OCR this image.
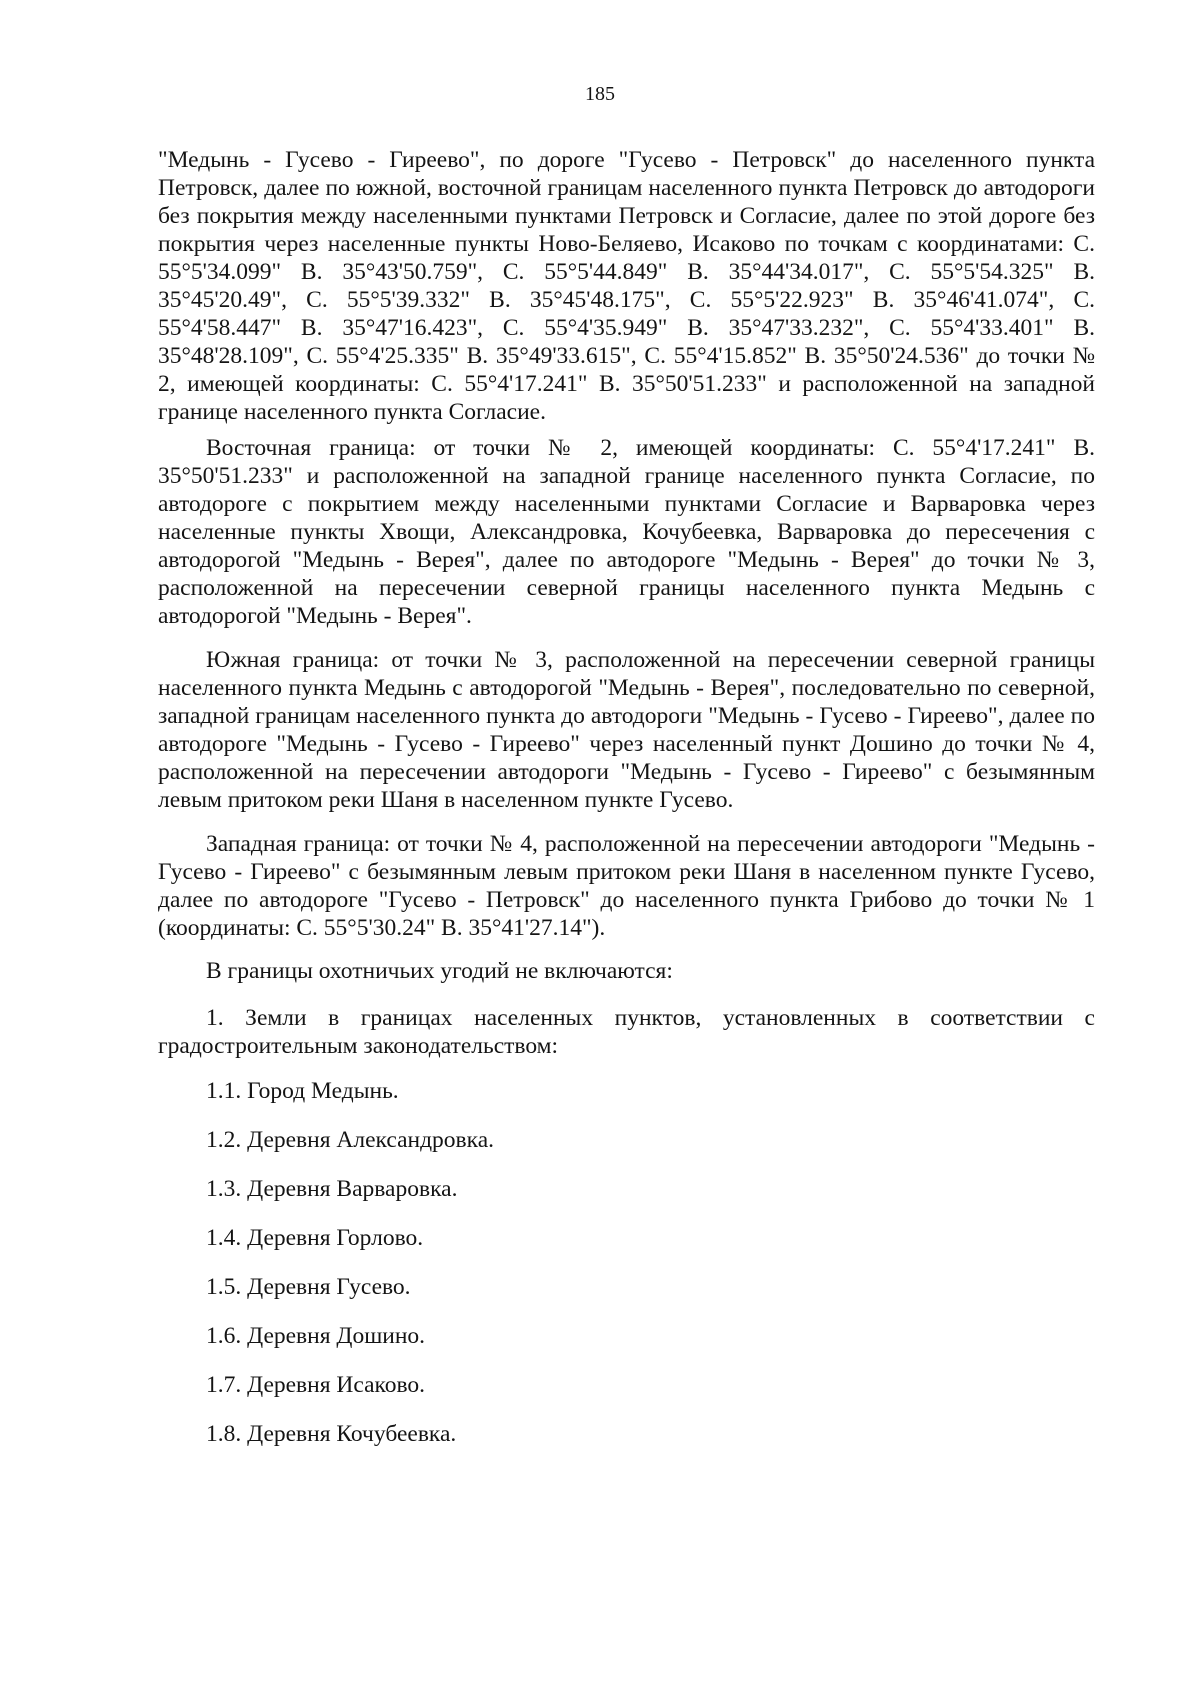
185

"Медынь - Гусево - Гиреево", по дороге "Гусево - Петровск" до населенного пункта Петровск, далее по южной, восточной границам населенного пункта Петровск до автодороги без покрытия между населенными пунктами Петровск и Согласие, далее по этой дороге без покрытия через населенные пункты Ново-Беляево, Исаково по точкам с координатами: С. 55°5'34.099" В. 35°43'50.759", С. 55°5'44.849" В. 35°44'34.017", С. 55°5'54.325" В. 35°45'20.49", С. 55°5'39.332" В. 35°45'48.175", С. 55°5'22.923" В. 35°46'41.074", С. 55°4'58.447" В. 35°47'16.423", С. 55°4'35.949" В. 35°47'33.232", С. 55°4'33.401" В. 35°48'28.109", С. 55°4'25.335" В. 35°49'33.615", С. 55°4'15.852" В. 35°50'24.536" до точки № 2, имеющей координаты: С. 55°4'17.241" В. 35°50'51.233" и расположенной на западной границе населенного пункта Согласие.

Восточная граница: от точки № 2, имеющей координаты: С. 55°4'17.241" В. 35°50'51.233" и расположенной на западной границе населенного пункта Согласие, по автодороге с покрытием между населенными пунктами Согласие и Варваровка через населенные пункты Хвощи, Александровка, Кочубеевка, Варваровка до пересечения с автодорогой "Медынь - Верея", далее по автодороге "Медынь - Верея" до точки № 3, расположенной на пересечении северной границы населенного пункта Медынь с автодорогой "Медынь - Верея".

Южная граница: от точки № 3, расположенной на пересечении северной границы населенного пункта Медынь с автодорогой "Медынь - Верея", последовательно по северной, западной границам населенного пункта до автодороги "Медынь - Гусево - Гиреево", далее по автодороге "Медынь - Гусево - Гиреево" через населенный пункт Дошино до точки № 4, расположенной на пересечении автодороги "Медынь - Гусево - Гиреево" с безымянным левым притоком реки Шаня в населенном пункте Гусево.

Западная граница: от точки № 4, расположенной на пересечении автодороги "Медынь - Гусево - Гиреево" с безымянным левым притоком реки Шаня в населенном пункте Гусево, далее по автодороге "Гусево - Петровск" до населенного пункта Грибово до точки № 1 (координаты: С. 55°5'30.24" В. 35°41'27.14").

В границы охотничьих угодий не включаются:

1. Земли в границах населенных пунктов, установленных в соответствии с градостроительным законодательством:

1.1. Город Медынь.

1.2. Деревня Александровка.

1.3. Деревня Варваровка.

1.4. Деревня Горлово.

1.5. Деревня Гусево.

1.6. Деревня Дошино.

1.7. Деревня Исаково.

1.8. Деревня Кочубеевка.
